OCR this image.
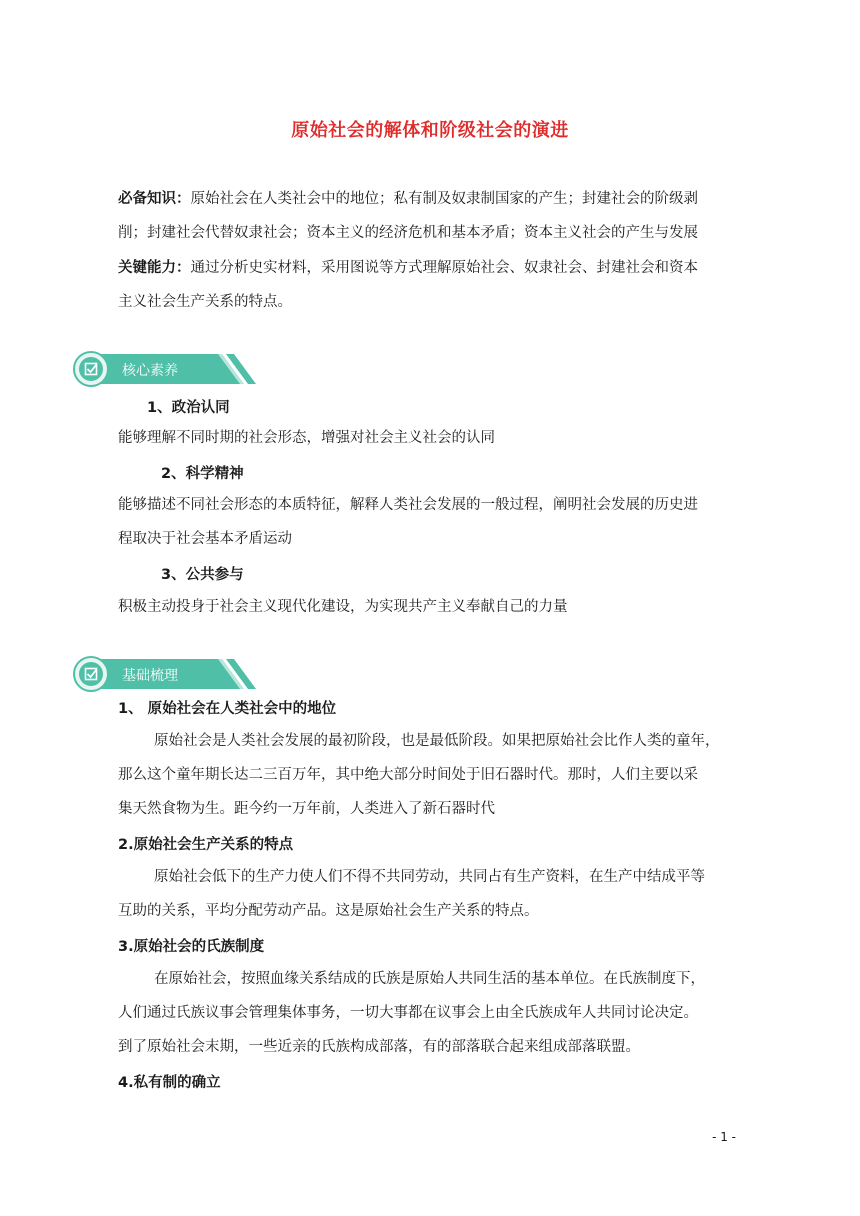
原始社会的解体和阶级社会的演进
必备知识：原始社会在人类社会中的地位；私有制及奴隶制国家的产生；封建社会的阶级剥
削；封建社会代替奴隶社会；资本主义的经济危机和基本矛盾；资本主义社会的产生与发展
关键能力：通过分析史实材料，采用图说等方式理解原始社会、奴隶社会、封建社会和资本
主义社会生产关系的特点。
核心素养
1、政治认同
能够理解不同时期的社会形态，增强对社会主义社会的认同
2、科学精神
能够描述不同社会形态的本质特征，解释人类社会发展的一般过程，阐明社会发展的历史进
程取决于社会基本矛盾运动
3、公共参与
积极主动投身于社会主义现代化建设，为实现共产主义奉献自己的力量
基础梳理
1、 原始社会在人类社会中的地位
原始社会是人类社会发展的最初阶段，也是最低阶段。如果把原始社会比作人类的童年，
那么这个童年期长达二三百万年，其中绝大部分时间处于旧石器时代。那时，人们主要以采
集天然食物为生。距今约一万年前，人类进入了新石器时代
2.原始社会生产关系的特点
原始社会低下的生产力使人们不得不共同劳动，共同占有生产资料，在生产中结成平等
互助的关系，平均分配劳动产品。这是原始社会生产关系的特点。
3.原始社会的氏族制度
在原始社会，按照血缘关系结成的氏族是原始人共同生活的基本单位。在氏族制度下，
人们通过氏族议事会管理集体事务，一切大事都在议事会上由全氏族成年人共同讨论决定。
到了原始社会末期，一些近亲的氏族构成部落，有的部落联合起来组成部落联盟。
4.私有制的确立
- 1 -
